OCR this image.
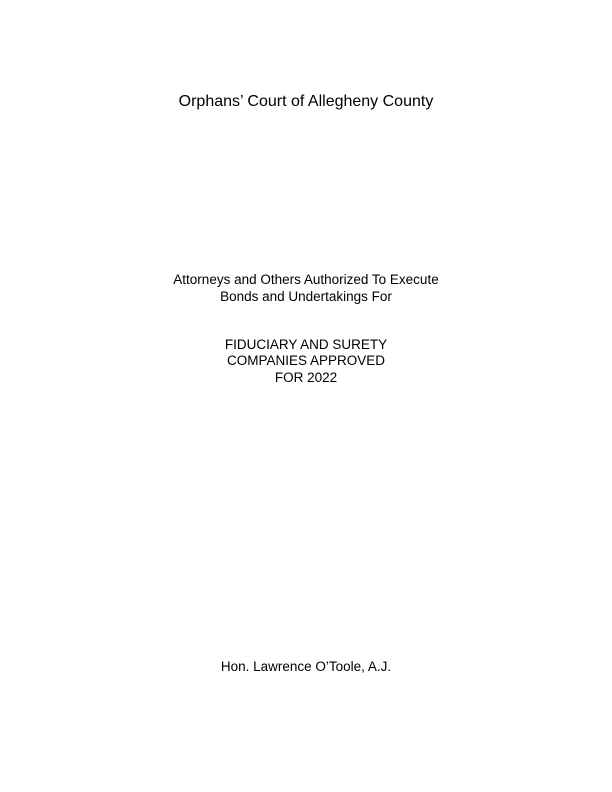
Orphans’ Court of Allegheny County
Attorneys and Others Authorized To Execute
Bonds and Undertakings For
FIDUCIARY AND SURETY
COMPANIES APPROVED
FOR 2022
Hon. Lawrence O’Toole, A.J.
